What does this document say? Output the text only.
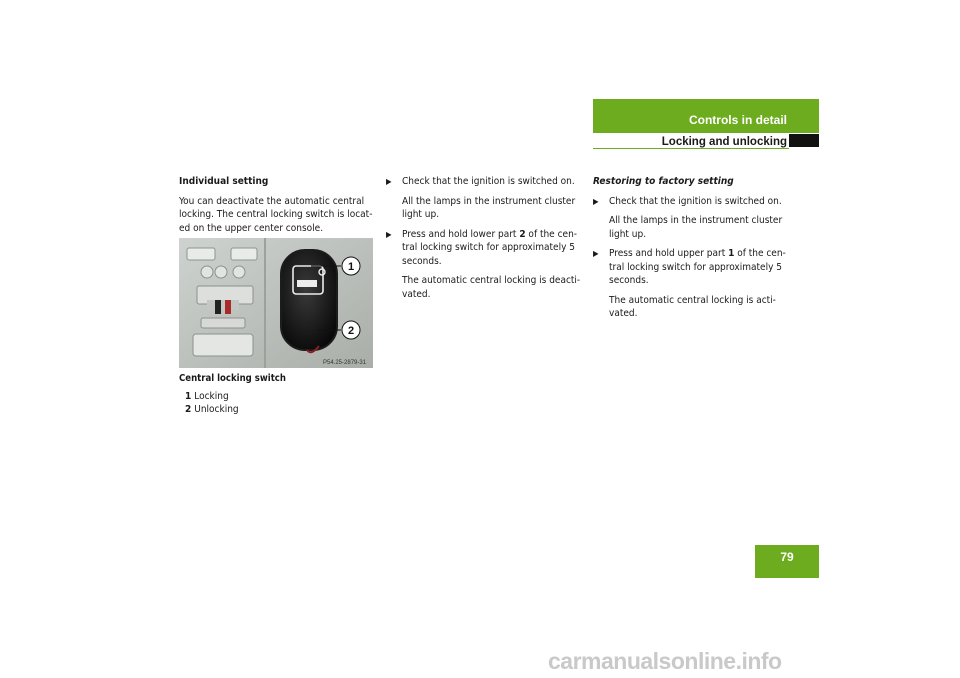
Controls in detail
Locking and unlocking

Individual setting

You can deactivate the automatic central locking. The central locking switch is locat-ed on the upper center console.

1
2
P54.25-2879-31
Central locking switch
1 Locking
2 Unlocking
▶ Check that the ignition is switched on.

All the lamps in the instrument cluster light up.

▶ Press and hold lower part 2 of the cen-tral locking switch for approximately 5 seconds.

The automatic central locking is deacti-vated.

Restoring to factory setting

▶ Check that the ignition is switched on.

All the lamps in the instrument cluster light up.

▶ Press and hold upper part 1 of the cen-tral locking switch for approximately 5 seconds.

The automatic central locking is acti-vated.

79
carmanualsonline.info
